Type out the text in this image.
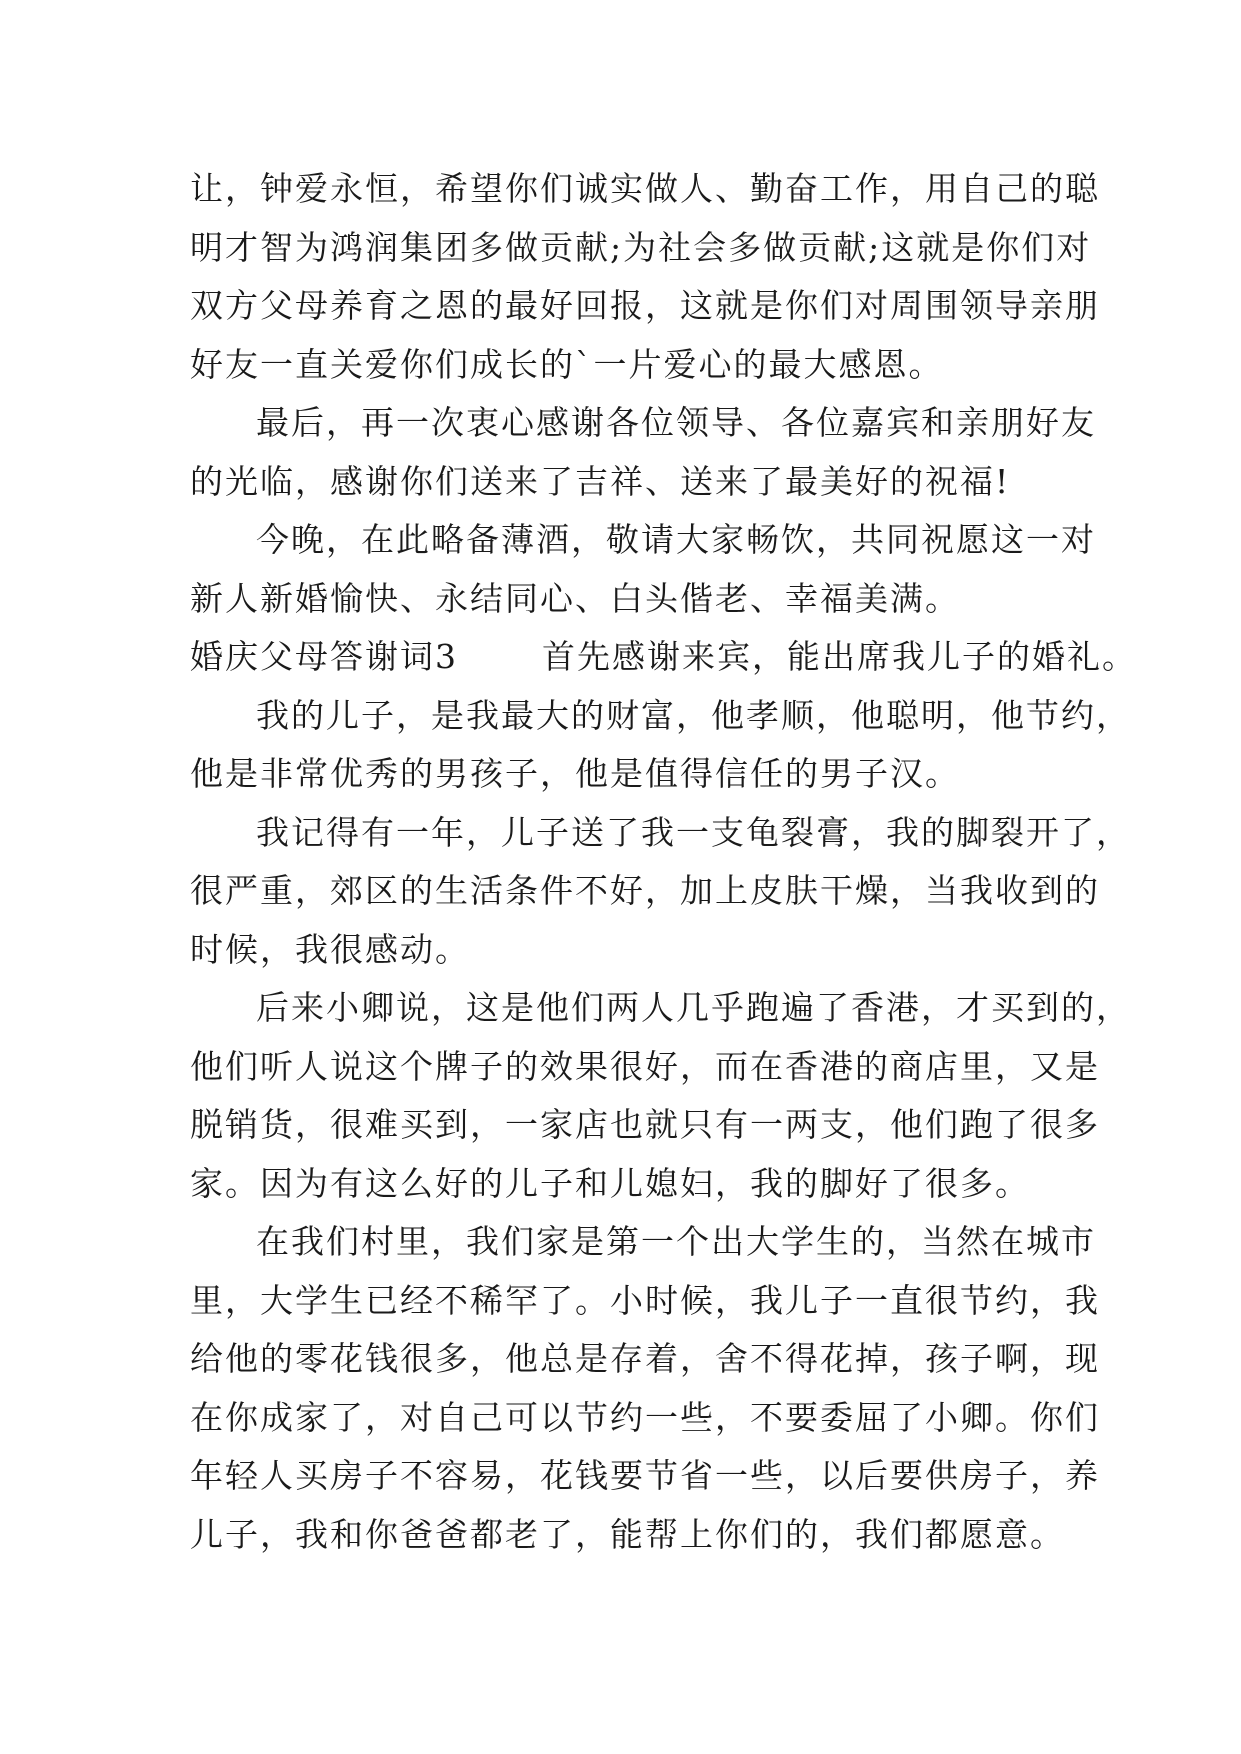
让，钟爱永恒，希望你们诚实做人、勤奋工作，用自己的聪
明才智为鸿润集团多做贡献;为社会多做贡献;这就是你们对
双方父母养育之恩的最好回报，这就是你们对周围领导亲朋
好友一直关爱你们成长的`一片爱心的最大感恩。
最后，再一次衷心感谢各位领导、各位嘉宾和亲朋好友
的光临，感谢你们送来了吉祥、送来了最美好的祝福!
今晚，在此略备薄酒，敬请大家畅饮，共同祝愿这一对
新人新婚愉快、永结同心、白头偕老、幸福美满。
婚庆父母答谢词3	首先感谢来宾，能出席我儿子的婚礼。
我的儿子，是我最大的财富，他孝顺，他聪明，他节约，
他是非常优秀的男孩子，他是值得信任的男子汉。
我记得有一年，儿子送了我一支龟裂膏，我的脚裂开了，
很严重，郊区的生活条件不好，加上皮肤干燥，当我收到的
时候，我很感动。
后来小卿说，这是他们两人几乎跑遍了香港，才买到的，
他们听人说这个牌子的效果很好，而在香港的商店里，又是
脱销货，很难买到，一家店也就只有一两支，他们跑了很多
家。因为有这么好的儿子和儿媳妇，我的脚好了很多。
在我们村里，我们家是第一个出大学生的，当然在城市
里，大学生已经不稀罕了。小时候，我儿子一直很节约，我
给他的零花钱很多，他总是存着，舍不得花掉，孩子啊，现
在你成家了，对自己可以节约一些，不要委屈了小卿。你们
年轻人买房子不容易，花钱要节省一些，以后要供房子，养
儿子，我和你爸爸都老了，能帮上你们的，我们都愿意。
